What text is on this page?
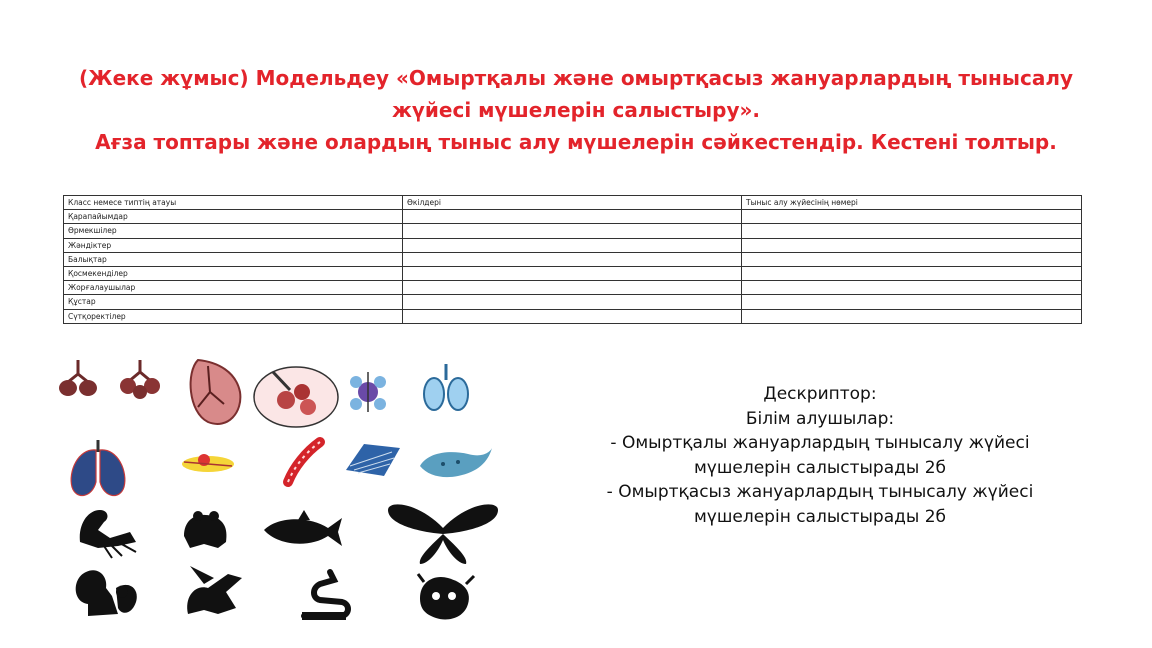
(Жеке жұмыс) Модельдеу «Омыртқалы және омыртқасыз жануарлардың тынысалу
жүйесі мүшелерін салыстыру».
Ағза топтары және олардың тыныс алу мүшелерін сәйкестендір. Кестені толтыр.
Класс немесе типтің атауы	Өкілдері	Тыныс алу жүйесінің нөмері
Қарапайымдар		
Өрмекшілер		
Жәндіктер		
Балықтар		
Қосмекенділер		
Жорғалаушылар		
Құстар		
Сүтқоректілер		
Дескриптор:
Білім алушылар:
- Омыртқалы жануарлардың тынысалу жүйесі
мүшелерін салыстырады 2б
- Омыртқасыз жануарлардың тынысалу жүйесі
мүшелерін салыстырады 2б
